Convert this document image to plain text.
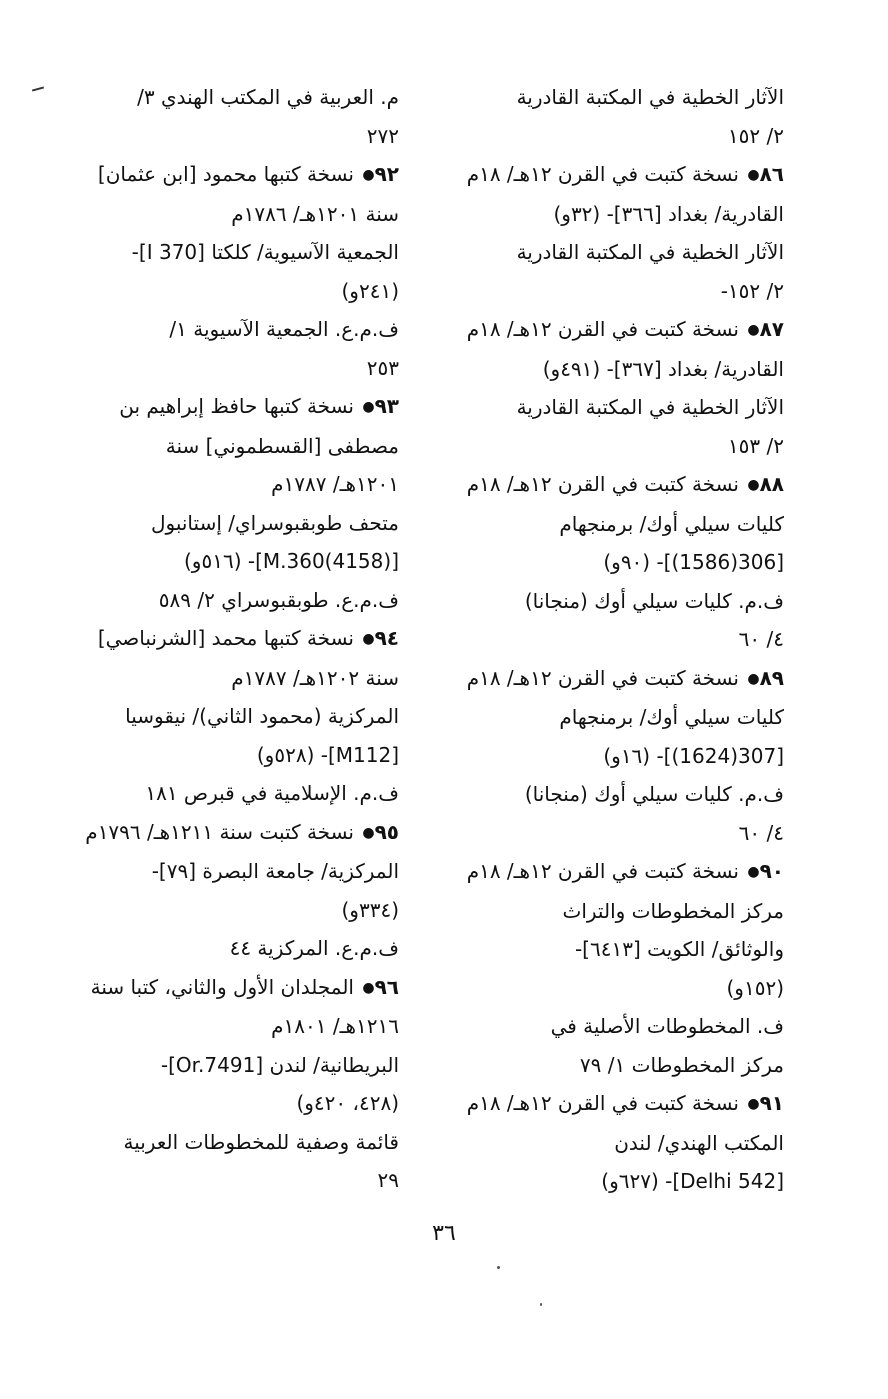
الآثار الخطية في المكتبة القادرية
٢/ ١٥٢
٨٦● نسخة كتبت في القرن ١٢هـ/ ١٨م
القادرية/ بغداد [٣٦٦]- (٣٢و)
الآثار الخطية في المكتبة القادرية
٢/ ١٥٢-
٨٧● نسخة كتبت في القرن ١٢هـ/ ١٨م
القادرية/ بغداد [٣٦٧]- (٤٩١و)
الآثار الخطية في المكتبة القادرية
٢/ ١٥٣
٨٨● نسخة كتبت في القرن ١٢هـ/ ١٨م
كليات سيلي أوك/ برمنجهام
[306(1586)]- (٩٠و)
ف.م. كليات سيلي أوك (منجانا)
٤/ ٦٠
٨٩● نسخة كتبت في القرن ١٢هـ/ ١٨م
كليات سيلي أوك/ برمنجهام
[307(1624)]- (١٦و)
ف.م. كليات سيلي أوك (منجانا)
٤/ ٦٠
٩٠● نسخة كتبت في القرن ١٢هـ/ ١٨م
مركز المخطوطات والتراث
والوثائق/ الكويت [٦٤١٣]-
(١٥٢و)
ف. المخطوطات الأصلية في
مركز المخطوطات ١/ ٧٩
٩١● نسخة كتبت في القرن ١٢هـ/ ١٨م
المكتب الهندي/ لندن
[Delhi 542]- (٦٢٧و)
م. العربية في المكتب الهندي ٣/
٢٧٢
٩٢● نسخة كتبها محمود [ابن عثمان]
سنة ١٢٠١هـ/ ١٧٨٦م
الجمعية الآسيوية/ كلكتا [370 I]-
(٢٤١و)
ف.م.ع. الجمعية الآسيوية ١/
٢٥٣
٩٣● نسخة كتبها حافظ إبراهيم بن
مصطفى [القسطموني] سنة
١٢٠١هـ/ ١٧٨٧م
متحف طوبقبوسراي/ إستانبول
[M.360(4158)]- (٥١٦و)
ف.م.ع. طوبقبوسراي ٢/ ٥٨٩
٩٤● نسخة كتبها محمد [الشرنباصي]
سنة ١٢٠٢هـ/ ١٧٨٧م
المركزية (محمود الثاني)/ نيقوسيا
[M112]- (٥٢٨و)
ف.م. الإسلامية في قبرص ١٨١
٩٥● نسخة كتبت سنة ١٢١١هـ/ ١٧٩٦م
المركزية/ جامعة البصرة [٧٩]-
(٣٣٤و)
ف.م.ع. المركزية ٤٤
٩٦● المجلدان الأول والثاني، كتبا سنة
١٢١٦هـ/ ١٨٠١م
البريطانية/ لندن [Or.7491]-
(٤٢٨، ٤٢٠و)
قائمة وصفية للمخطوطات العربية
٢٩
٣٦
